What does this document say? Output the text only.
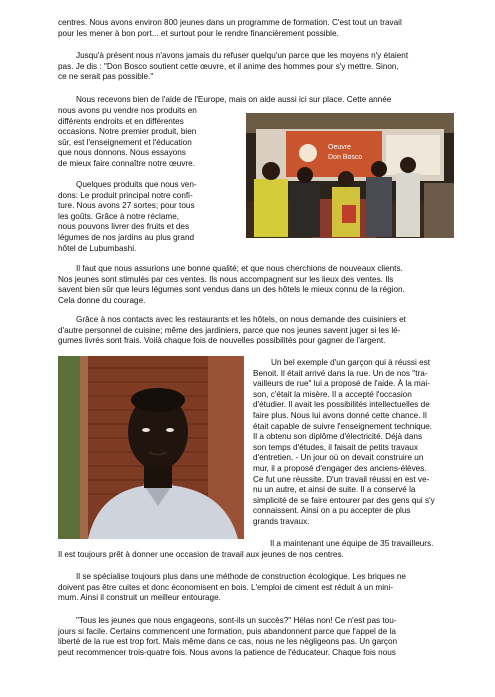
centres. Nous avons environ 800 jeunes dans un programme de formation. C'est tout un travail

pour les mener à bon port... et surtout pour le rendre financièrement possible.

Jusqu'à présent nous n'avons jamais du refuser quelqu'un parce que les moyens n'y étaient

pas. Je dis : "Don Bosco soutient cette œuvre, et il anime des hommes pour s'y mettre. Sinon,

ce ne serait pas possible."

Nous recevons bien de l'aide de l'Europe, mais on aide aussi ici sur place. Cette année

nous avons pu vendre nos produits en

différents endroits et en différentes

occasions. Notre premier produit, bien

sûr, est l'enseignement et l'éducation

que nous donnons. Nous essayons

de mieux faire connaître notre œuvre.

Oeuvre
Don Bosco

Quelques produits que nous ven-

dons: Le produit principal notre confi-

ture. Nous avons 27 sortes; pour tous

les goûts. Grâce à notre réclame,

nous pouvons livrer des fruits et des

légumes de nos jardins au plus grand

hôtel de Lubumbashi.

Il faut que nous assurions une bonne qualité; et que nous cherchions de nouveaux clients.

Nos jeunes sont stimulés par ces ventes. Ils nous accompagnent sur les lieux des ventes. Ils

savent bien sûr que leurs légumes sont vendus dans un des hôtels le mieux connu de la région.

Cela donne du courage.

Grâce à nos contacts avec les restaurants et les hôtels, on nous demande des cuisiniers et

d'autre personnel de cuisine; même des jardiniers, parce que nos jeunes savent juger si les lé-

gumes livrés sont frais. Voilà chaque fois de nouvelles possibilités pour gagner de l'argent.

Un bel exemple d'un garçon qui à réussi est

Benoit. Il était arrivé dans la rue. Un de nos "tra-

vailleurs de rue" lui a proposé de l'aide. À la mai-

son, c'était la misère. Il a accepté l'occasion

d'étudier. Il avait les possibilités intellectuelles de

faire plus. Nous lui avons donné cette chance. Il

était capable de suivre l'enseignement technique.

Il a obtenu son diplôme d'électricité. Déjà dans

son temps d'études, il faisait de petits travaux

d'entretien. - Un jour où on devait construire un

mur, il a proposé d'engager des anciens-élèves.

Ce fut une réussite. D'un travail réussi en est ve-

nu un autre, et ainsi de suite. Il a conservé la

simplicité de se faire entourer par des gens qui s'y

connaissent. Ainsi on a pu accepter de plus

grands travaux.

Il a maintenant une équipe de 35 travailleurs.

Il est toujours prêt à donner une occasion de travail aux jeunes de nos centres.

Il se spécialise toujours plus dans une méthode de construction écologique. Les briques ne

doivent pas être cuites et donc économisent en bois. L'emploi de ciment est réduit à un mini-

mum. Ainsi il construit un meilleur entourage.

"Tous les jeunes que nous engageons, sont-ils un succès?" Hélas non! Ce n'est pas tou-

jours si facile. Certains commencent une formation, puis abandonnent parce que l'appel de la

liberté de la rue est trop fort. Mais même dans ce cas, nous ne les négligeons pas. Un garçon

peut recommencer trois-quatre fois. Nous avons la patience de l'éducateur. Chaque fois nous
